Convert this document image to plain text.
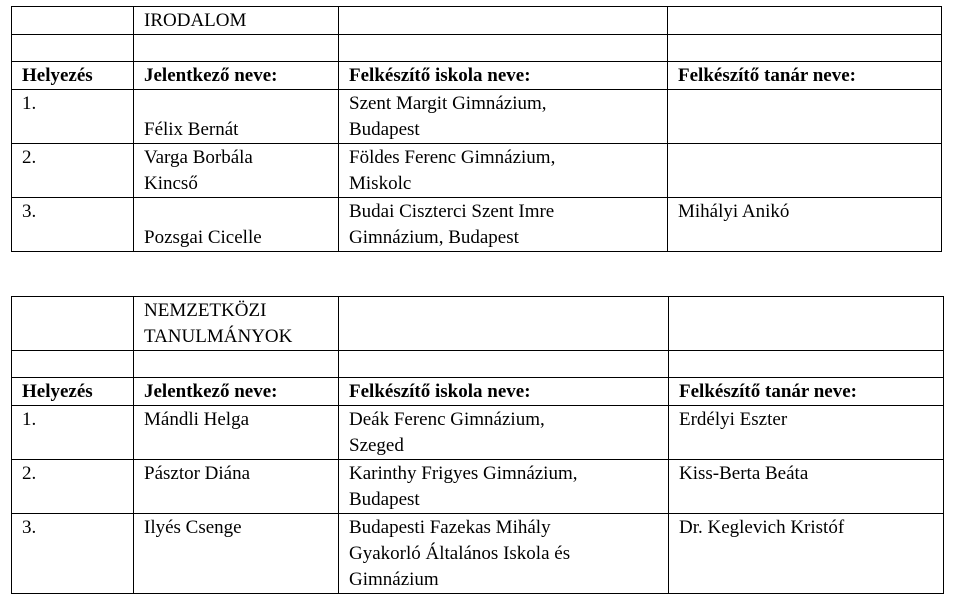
	IRODALOM		

Helyezés	Jelentkező neve:	Felkészítő iskola neve:	Felkészítő tanár neve:
1.	Félix Bernát	Szent Margit Gimnázium,
Budapest	

2.	Varga Borbála
Kincső	Földes Ferenc Gimnázium,
Miskolc	

3.	Pozsgai Cicelle	Budai Ciszterci Szent Imre
Gimnázium, Budapest	Mihályi Anikó

	NEMZETKÖZI
TANULMÁNYOK		

Helyezés	Jelentkező neve:	Felkészítő iskola neve:	Felkészítő tanár neve:
1.	Mándli Helga	Deák Ferenc Gimnázium,
Szeged	Erdélyi Eszter
2.	Pásztor Diána	Karinthy Frigyes Gimnázium,
Budapest	Kiss-Berta Beáta
3.	Ilyés Csenge	Budapesti Fazekas Mihály
Gyakorló Általános Iskola és
Gimnázium	Dr. Keglevich Kristóf
